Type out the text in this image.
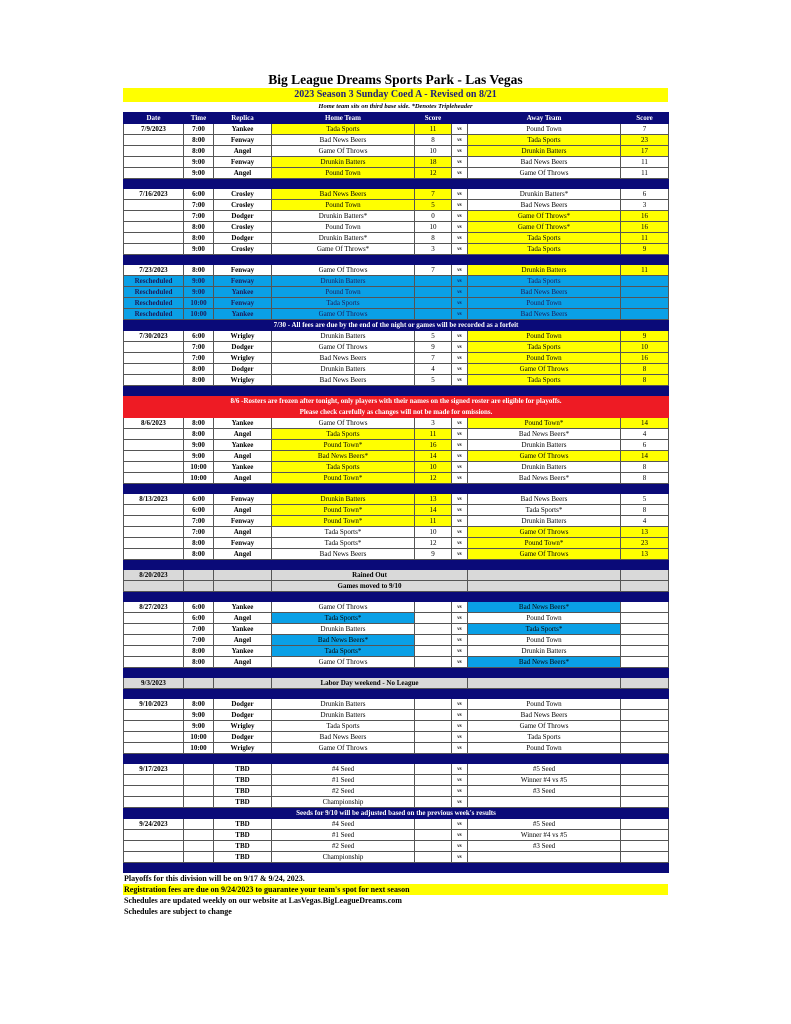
Big League Dreams Sports Park - Las Vegas
2023 Season 3 Sunday Coed A - Revised on 8/21
Home team sits on third base side. *Denotes Tripleheader
Date	Time	Replica	Home Team	Score		Away Team	Score
7/9/2023	7:00	Yankee	Tada Sports	11	vs	Pound Town	7
	8:00	Fenway	Bad News Beers	8	vs	Tada Sports	23
	8:00	Angel	Game Of Throws	10	vs	Drunkin Batters	17
	9:00	Fenway	Drunkin Batters	18	vs	Bad News Beers	11
	9:00	Angel	Pound Town	12	vs	Game Of Throws	11

7/16/2023	6:00	Crosley	Bad News Beers	7	vs	Drunkin Batters*	6
	7:00	Crosley	Pound Town	5	vs	Bad News Beers	3
	7:00	Dodger	Drunkin Batters*	0	vs	Game Of Throws*	16
	8:00	Crosley	Pound Town	10	vs	Game Of Throws*	16
	8:00	Dodger	Drunkin Batters*	8	vs	Tada Sports	11
	9:00	Crosley	Game Of Throws*	3	vs	Tada Sports	9

7/23/2023	8:00	Fenway	Game Of Throws	7	vs	Drunkin Batters	11
Rescheduled	9:00	Fenway	Drunkin Batters		vs	Tada Sports	
Rescheduled	9:00	Yankee	Pound Town		vs	Bad News Beers	
Rescheduled	10:00	Fenway	Tada Sports		vs	Pound Town	
Rescheduled	10:00	Yankee	Game Of Throws		vs	Bad News Beers	
7/30 - All fees are due by the end of the night or games will be recorded as a forfeit							
7/30/2023	6:00	Wrigley	Drunkin Batters	5	vs	Pound Town	9
	7:00	Dodger	Game Of Throws	9	vs	Tada Sports	10
	7:00	Wrigley	Bad News Beers	7	vs	Pound Town	16
	8:00	Dodger	Drunkin Batters	4	vs	Game Of Throws	8
	8:00	Wrigley	Bad News Beers	5	vs	Tada Sports	8

8/6 -Rosters are frozen after tonight, only players with their names on the signed roster are eligible for playoffs.							
Please check carefully as changes will not be made for omissions.							
8/6/2023	8:00	Yankee	Game Of Throws	3	vs	Pound Town*	14
	8:00	Angel	Tada Sports	11	vs	Bad News Beers*	4
	9:00	Yankee	Pound Town*	16	vs	Drunkin Batters	6
	9:00	Angel	Bad News Beers*	14	vs	Game Of Throws	14
	10:00	Yankee	Tada Sports	10	vs	Drunkin Batters	8
	10:00	Angel	Pound Town*	12	vs	Bad News Beers*	8

8/13/2023	6:00	Fenway	Drunkin Batters	13	vs	Bad News Beers	5
	6:00	Angel	Pound Town*	14	vs	Tada Sports*	8
	7:00	Fenway	Pound Town*	11	vs	Drunkin Batters	4
	7:00	Angel	Tada Sports*	10	vs	Game Of Throws	13
	8:00	Fenway	Tada Sports*	12	vs	Pound Town*	23
	8:00	Angel	Bad News Beers	9	vs	Game Of Throws	13

8/20/2023			Rained Out				
			Games moved to 9/10				

8/27/2023	6:00	Yankee	Game Of Throws		vs	Bad News Beers*	
	6:00	Angel	Tada Sports*		vs	Pound Town	
	7:00	Yankee	Drunkin Batters		vs	Tada Sports*	
	7:00	Angel	Bad News Beers*		vs	Pound Town	
	8:00	Yankee	Tada Sports*		vs	Drunkin Batters	
	8:00	Angel	Game Of Throws		vs	Bad News Beers*	

9/3/2023			Labor Day weekend - No League				

9/10/2023	8:00	Dodger	Drunkin Batters		vs	Pound Town	
	9:00	Dodger	Drunkin Batters		vs	Bad News Beers	
	9:00	Wrigley	Tada Sports		vs	Game Of Throws	
	10:00	Dodger	Bad News Beers		vs	Tada Sports	
	10:00	Wrigley	Game Of Throws		vs	Pound Town	

9/17/2023		TBD	#4 Seed		vs	#5 Seed	
		TBD	#1 Seed		vs	Winner #4 vs #5	
		TBD	#2 Seed		vs	#3 Seed	
		TBD	Championship		vs		
Seeds for 9/10 will be adjusted based on the previous week's results							
9/24/2023		TBD	#4 Seed		vs	#5 Seed	
		TBD	#1 Seed		vs	Winner #4 vs #5	
		TBD	#2 Seed		vs	#3 Seed	
		TBD	Championship		vs		

Playoffs for this division will be on 9/17 & 9/24, 2023.
Registration fees are due on 9/24/2023 to guarantee your team's spot for next season
Schedules are updated weekly on our website at LasVegas.BigLeagueDreams.com
Schedules are subject to change
